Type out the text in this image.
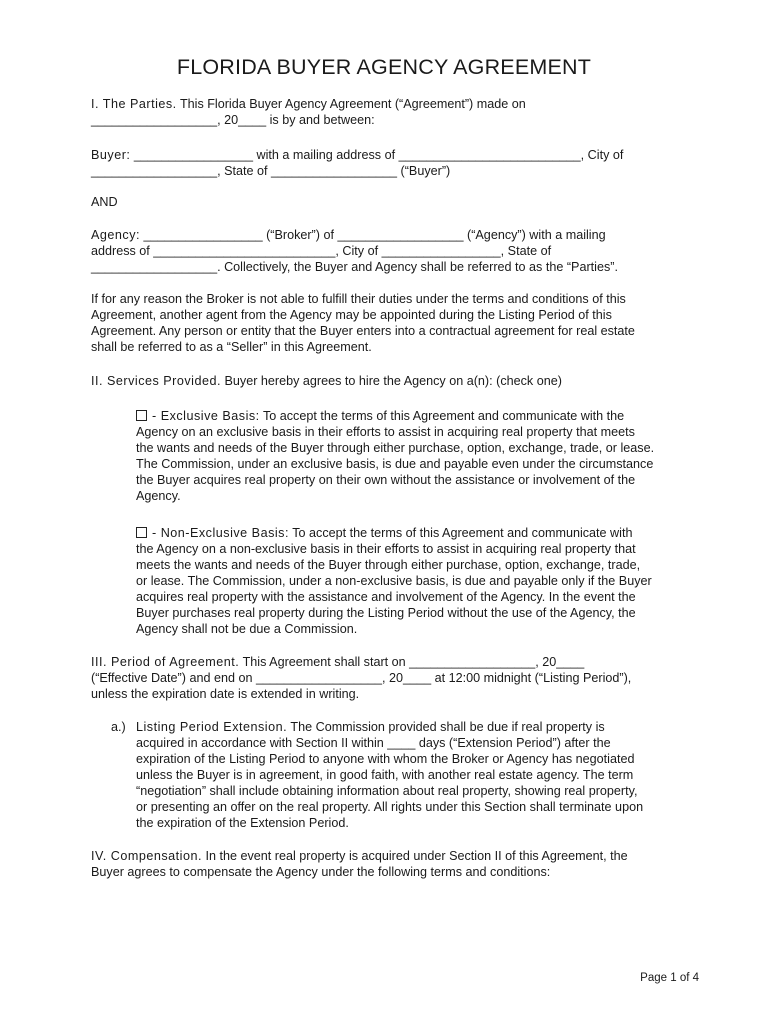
FLORIDA BUYER AGENCY AGREEMENT
I. The Parties. This Florida Buyer Agency Agreement (“Agreement”) made on
__________________, 20____ is by and between:
Buyer: _________________ with a mailing address of __________________________, City of
__________________, State of __________________ (“Buyer”)
AND
Agency: _________________ (“Broker”) of __________________ (“Agency”) with a mailing
address of __________________________, City of _________________, State of
__________________. Collectively, the Buyer and Agency shall be referred to as the “Parties”.
If for any reason the Broker is not able to fulfill their duties under the terms and conditions of this
Agreement, another agent from the Agency may be appointed during the Listing Period of this
Agreement. Any person or entity that the Buyer enters into a contractual agreement for real estate
shall be referred to as a “Seller” in this Agreement.
II. Services Provided. Buyer hereby agrees to hire the Agency on a(n): (check one)
- Exclusive Basis: To accept the terms of this Agreement and communicate with the
Agency on an exclusive basis in their efforts to assist in acquiring real property that meets
the wants and needs of the Buyer through either purchase, option, exchange, trade, or lease.
The Commission, under an exclusive basis, is due and payable even under the circumstance
the Buyer acquires real property on their own without the assistance or involvement of the
Agency.
- Non-Exclusive Basis: To accept the terms of this Agreement and communicate with
the Agency on a non-exclusive basis in their efforts to assist in acquiring real property that
meets the wants and needs of the Buyer through either purchase, option, exchange, trade,
or lease. The Commission, under a non-exclusive basis, is due and payable only if the Buyer
acquires real property with the assistance and involvement of the Agency. In the event the
Buyer purchases real property during the Listing Period without the use of the Agency, the
Agency shall not be due a Commission.
III. Period of Agreement. This Agreement shall start on __________________, 20____
(“Effective Date”) and end on __________________, 20____ at 12:00 midnight (“Listing Period”),
unless the expiration date is extended in writing.
a.) Listing Period Extension. The Commission provided shall be due if real property is
acquired in accordance with Section II within ____ days (“Extension Period”) after the
expiration of the Listing Period to anyone with whom the Broker or Agency has negotiated
unless the Buyer is in agreement, in good faith, with another real estate agency. The term
“negotiation” shall include obtaining information about real property, showing real property,
or presenting an offer on the real property. All rights under this Section shall terminate upon
the expiration of the Extension Period.
IV. Compensation. In the event real property is acquired under Section II of this Agreement, the
Buyer agrees to compensate the Agency under the following terms and conditions:
Page 1 of 4
